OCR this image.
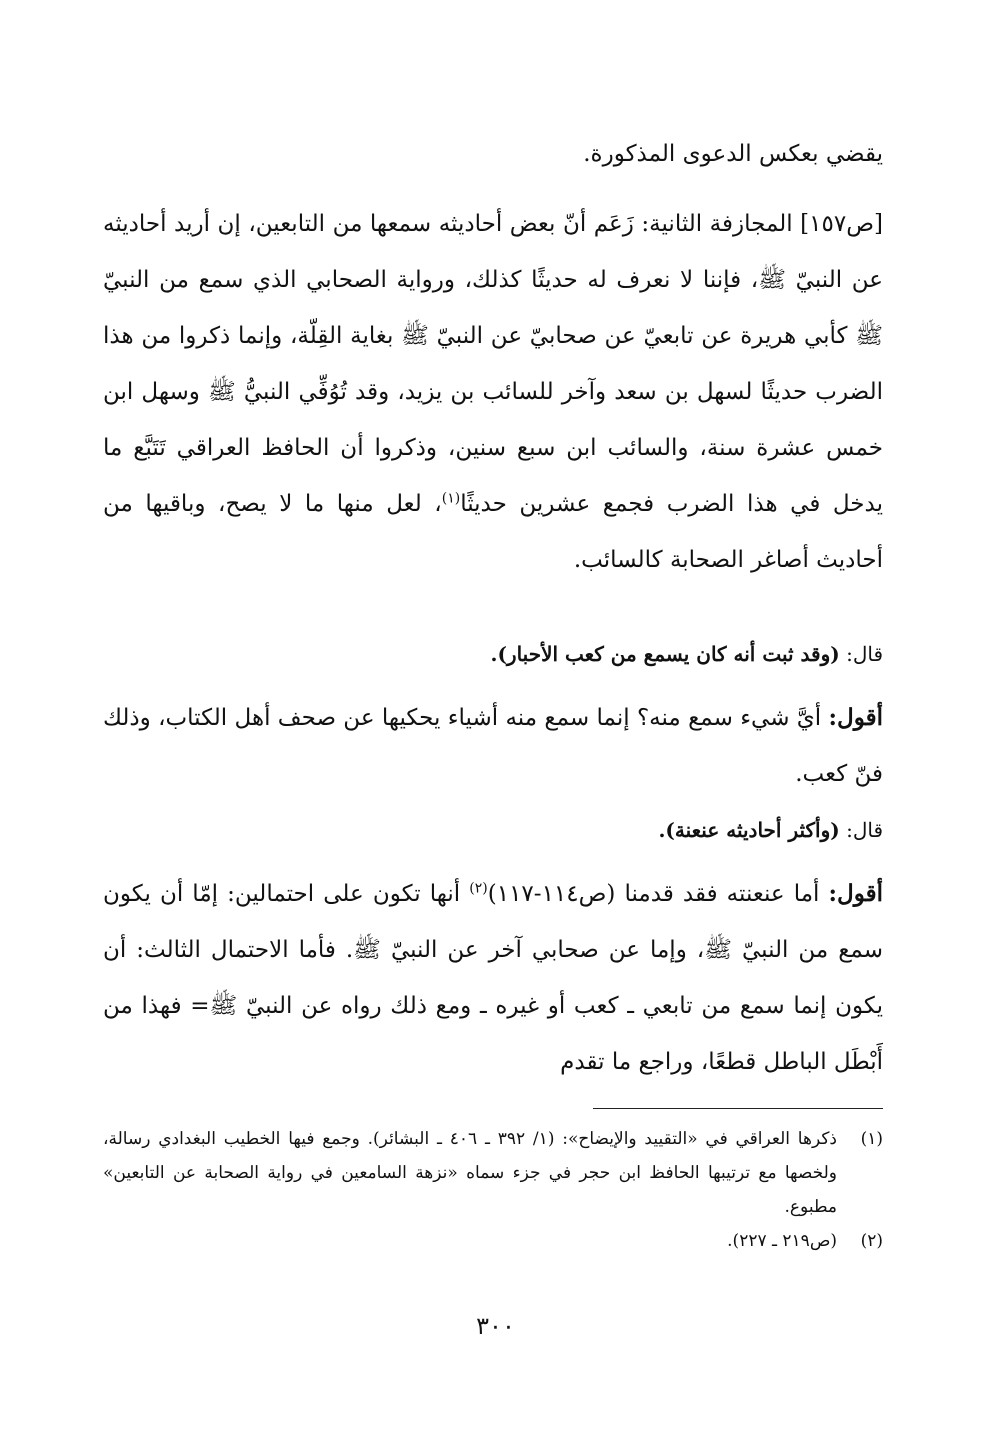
يقضي بعكس الدعوى المذكورة.

[ص١٥٧] المجازفة الثانية: زَعَم أنّ بعض أحاديثه سمعها من التابعين، إن أريد أحاديثه عن النبيّ ﷺ، فإننا لا نعرف له حديثًا كذلك، ورواية الصحابي الذي سمع من النبيّ ﷺ كأبي هريرة عن تابعيّ عن صحابيّ عن النبيّ ﷺ بغاية القِلّة، وإنما ذكروا من هذا الضرب حديثًا لسهل بن سعد وآخر للسائب بن يزيد، وقد تُوُفِّي النبيُّ ﷺ وسهل ابن خمس عشرة سنة، والسائب ابن سبع سنين، وذكروا أن الحافظ العراقي تَتَبَّع ما يدخل في هذا الضرب فجمع عشرين حديثًا$^{(١)}$، لعل منها ما لا يصح، وباقيها من أحاديث أصاغر الصحابة كالسائب.

قال: (وقد ثبت أنه كان يسمع من كعب الأحبار).

أقول: أيَّ شيء سمع منه؟ إنما سمع منه أشياء يحكيها عن صحف أهل الكتاب، وذلك فنّ كعب.

قال: (وأكثر أحاديثه عنعنة).

أقول: أما عنعنته فقد قدمنا (ص١١٤-١١٧)$^{(٢)}$ أنها تكون على احتمالين: إمّا أن يكون سمع من النبيّ ﷺ، وإما عن صحابي آخر عن النبيّ ﷺ. فأما الاحتمال الثالث: أن يكون إنما سمع من تابعي ـ كعب أو غيره ـ ومع ذلك رواه عن النبيّ ﷺ= فهذا من أَبْطَل الباطل قطعًا، وراجع ما تقدم

(١)
ذكرها العراقي في «التقييد والإيضاح»: (١/ ٣٩٢ ـ ٤٠٦ ـ البشائر). وجمع فيها الخطيب البغدادي رسالة، ولخصها مع ترتيبها الحافظ ابن حجر في جزء سماه «نزهة السامعين في رواية الصحابة عن التابعين» مطبوع.
(٢)
(ص٢١٩ ـ ٢٢٧).
٣٠٠
